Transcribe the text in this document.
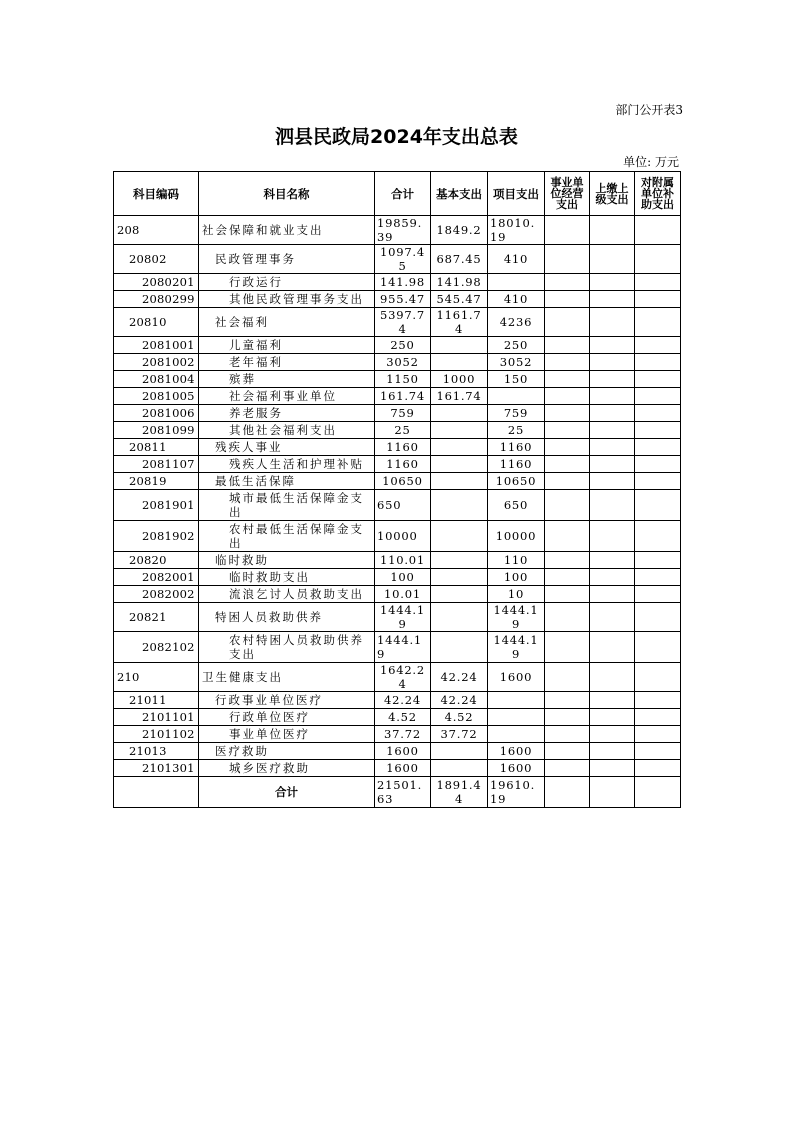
部门公开表3
泗县民政局2024年支出总表
单位: 万元
科目编码	科目名称	合计	基本支出	项目支出	事业单位经营支出	上缴上级支出	对附属单位补助支出
208	社会保障和就业支出	19859.39	1849.2	18010.19			
20802	民政管理事务	1097.45	687.45	410			
2080201	行政运行	141.98	141.98				
2080299	其他民政管理事务支出	955.47	545.47	410			
20810	社会福利	5397.74	1161.74	4236			
2081001	儿童福利	250		250			
2081002	老年福利	3052		3052			
2081004	殡葬	1150	1000	150			
2081005	社会福利事业单位	161.74	161.74				
2081006	养老服务	759		759			
2081099	其他社会福利支出	25		25			
20811	残疾人事业	1160		1160			
2081107	残疾人生活和护理补贴	1160		1160			
20819	最低生活保障	10650		10650			
2081901	城市最低生活保障金支出	650		650			
2081902	农村最低生活保障金支出	10000		10000			
20820	临时救助	110.01		110			
2082001	临时救助支出	100		100			
2082002	流浪乞讨人员救助支出	10.01		10			
20821	特困人员救助供养	1444.19		1444.19			
2082102	农村特困人员救助供养支出	1444.19		1444.19			
210	卫生健康支出	1642.24	42.24	1600			
21011	行政事业单位医疗	42.24	42.24				
2101101	行政单位医疗	4.52	4.52				
2101102	事业单位医疗	37.72	37.72				
21013	医疗救助	1600		1600			
2101301	城乡医疗救助	1600		1600			
	合计	21501.63	1891.44	19610.19			
